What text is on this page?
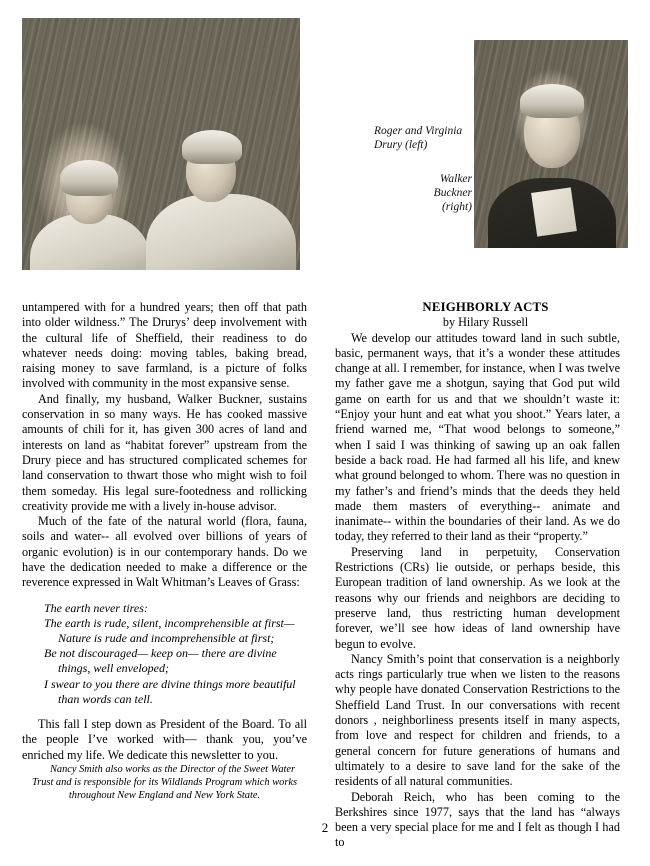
Roger and Virginia Drury (left)
Walker Buckner (right)

untampered with for a hundred years; then off that path into older wildness.” The Drurys’ deep involvement with the cultural life of Sheffield, their readiness to do whatever needs doing: moving tables, baking bread, raising money to save farmland, is a picture of folks involved with community in the most expansive sense.

And finally, my husband, Walker Buckner, sustains conservation in so many ways. He has cooked massive amounts of chili for it, has given 300 acres of land and interests on land as “habitat forever” upstream from the Drury piece and has structured complicated schemes for land conservation to thwart those who might wish to foil them someday. His legal sure-footedness and rollicking creativity provide me with a lively in-house advisor.

Much of the fate of the natural world (flora, fauna, soils and water-- all evolved over billions of years of organic evolution) is in our contemporary hands. Do we have the dedication needed to make a difference or the reverence expressed in Walt Whitman’s Leaves of Grass:

The earth never tires:
The earth is rude, silent, incomprehensible at first—
Nature is rude and incomprehensible at first;
Be not discouraged— keep on— there are divine
things, well enveloped;
I swear to you there are divine things more beautiful
than words can tell.

This fall I step down as President of the Board. To all the people I’ve worked with— thank you, you’ve enriched my life. We dedicate this newsletter to you.

Nancy Smith also works as the Director of the Sweet Water Trust and is responsible for its Wildlands Program which works throughout New England and New York State.

NEIGHBORLY ACTS

by Hilary Russell

We develop our attitudes toward land in such subtle, basic, permanent ways, that it’s a wonder these attitudes change at all. I remember, for instance, when I was twelve my father gave me a shotgun, saying that God put wild game on earth for us and that we shouldn’t waste it: “Enjoy your hunt and eat what you shoot.” Years later, a friend warned me, “That wood belongs to someone,” when I said I was thinking of sawing up an oak fallen beside a back road. He had farmed all his life, and knew what ground belonged to whom. There was no question in my father’s and friend’s minds that the deeds they held made them masters of everything-- animate and inanimate-- within the boundaries of their land. As we do today, they referred to their land as their “property.”

Preserving land in perpetuity, Conservation Restrictions (CRs) lie outside, or perhaps beside, this European tradition of land ownership. As we look at the reasons why our friends and neighbors are deciding to preserve land, thus restricting human development forever, we’ll see how ideas of land ownership have begun to evolve.

Nancy Smith’s point that conservation is a neighborly acts rings particularly true when we listen to the reasons why people have donated Conservation Restrictions to the Sheffield Land Trust. In our conversations with recent donors , neighborliness presents itself in many aspects, from love and respect for children and friends, to a general concern for future generations of humans and ultimately to a desire to save land for the sake of the residents of all natural communities.

Deborah Reich, who has been coming to the Berkshires since 1977, says that the land has “always been a very special place for me and I felt as though I had to

2
